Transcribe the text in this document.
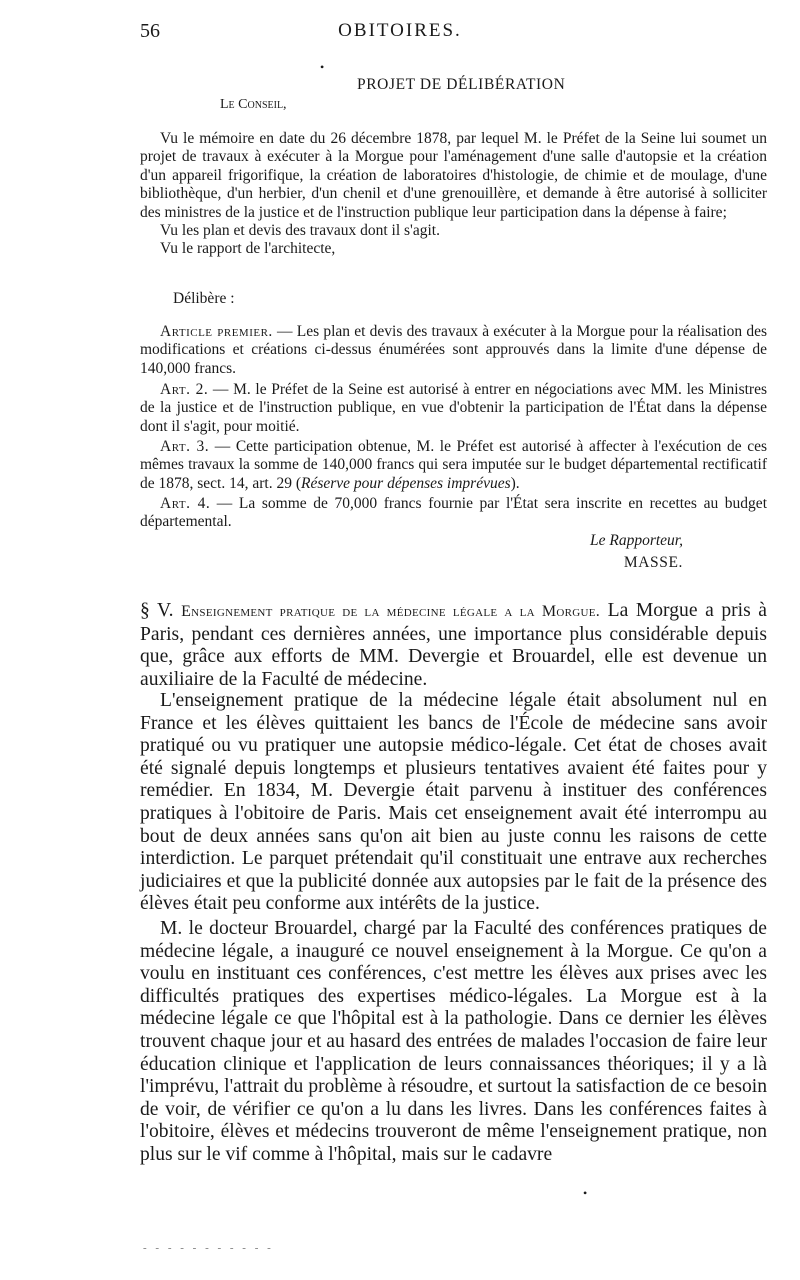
56	OBITOIRES.
•
PROJET DE DÉLIBÉRATION
Le Conseil,
Vu le mémoire en date du 26 décembre 1878, par lequel M. le Préfet de la Seine lui soumet un projet de travaux à exécuter à la Morgue pour l'aménagement d'une salle d'autopsie et la création d'un appareil frigorifique, la création de laboratoires d'histologie, de chimie et de moulage, d'une bibliothèque, d'un herbier, d'un chenil et d'une grenouillère, et demande à être autorisé à solliciter des ministres de la justice et de l'instruction publique leur participation dans la dépense à faire;
Vu les plan et devis des travaux dont il s'agit.
Vu le rapport de l'architecte,
Délibère :
Article premier. — Les plan et devis des travaux à exécuter à la Morgue pour la réalisation des modifications et créations ci-dessus énumérées sont approuvés dans la limite d'une dépense de 140,000 francs.
Art. 2. — M. le Préfet de la Seine est autorisé à entrer en négociations avec MM. les Ministres de la justice et de l'instruction publique, en vue d'obtenir la participation de l'État dans la dépense dont il s'agit, pour moitié.
Art. 3. — Cette participation obtenue, M. le Préfet est autorisé à affecter à l'exécution de ces mêmes travaux la somme de 140,000 francs qui sera imputée sur le budget départemental rectificatif de 1878, sect. 14, art. 29 (Réserve pour dépenses imprévues).
Art. 4. — La somme de 70,000 francs fournie par l'État sera inscrite en recettes au budget départemental.
Le Rapporteur,
MASSE.
§ V. Enseignement pratique de la médecine légale a la Morgue. La Morgue a pris à Paris, pendant ces dernières années, une importance plus considérable depuis que, grâce aux efforts de MM. Devergie et Brouardel, elle est devenue un auxiliaire de la Faculté de médecine.
L'enseignement pratique de la médecine légale était absolument nul en France et les élèves quittaient les bancs de l'École de médecine sans avoir pratiqué ou vu pratiquer une autopsie médico-légale. Cet état de choses avait été signalé depuis longtemps et plusieurs tentatives avaient été faites pour y remédier. En 1834, M. Devergie était parvenu à instituer des conférences pratiques à l'obitoire de Paris. Mais cet enseignement avait été interrompu au bout de deux années sans qu'on ait bien au juste connu les raisons de cette interdiction. Le parquet prétendait qu'il constituait une entrave aux recherches judiciaires et que la publicité donnée aux autopsies par le fait de la présence des élèves était peu conforme aux intérêts de la justice.
M. le docteur Brouardel, chargé par la Faculté des conférences pratiques de médecine légale, a inauguré ce nouvel enseignement à la Morgue. Ce qu'on a voulu en instituant ces conférences, c'est mettre les élèves aux prises avec les difficultés pratiques des expertises médico-légales. La Morgue est à la médecine légale ce que l'hôpital est à la pathologie. Dans ce dernier les élèves trouvent chaque jour et au hasard des entrées de malades l'occasion de faire leur éducation clinique et l'application de leurs connaissances théoriques; il y a là l'imprévu, l'attrait du problème à résoudre, et surtout la satisfaction de ce besoin de voir, de vérifier ce qu'on a lu dans les livres. Dans les conférences faites à l'obitoire, élèves et médecins trouveront de même l'enseignement pratique, non plus sur le vif comme à l'hôpital, mais sur le cadavre
•
- - - - - - - - - - -
